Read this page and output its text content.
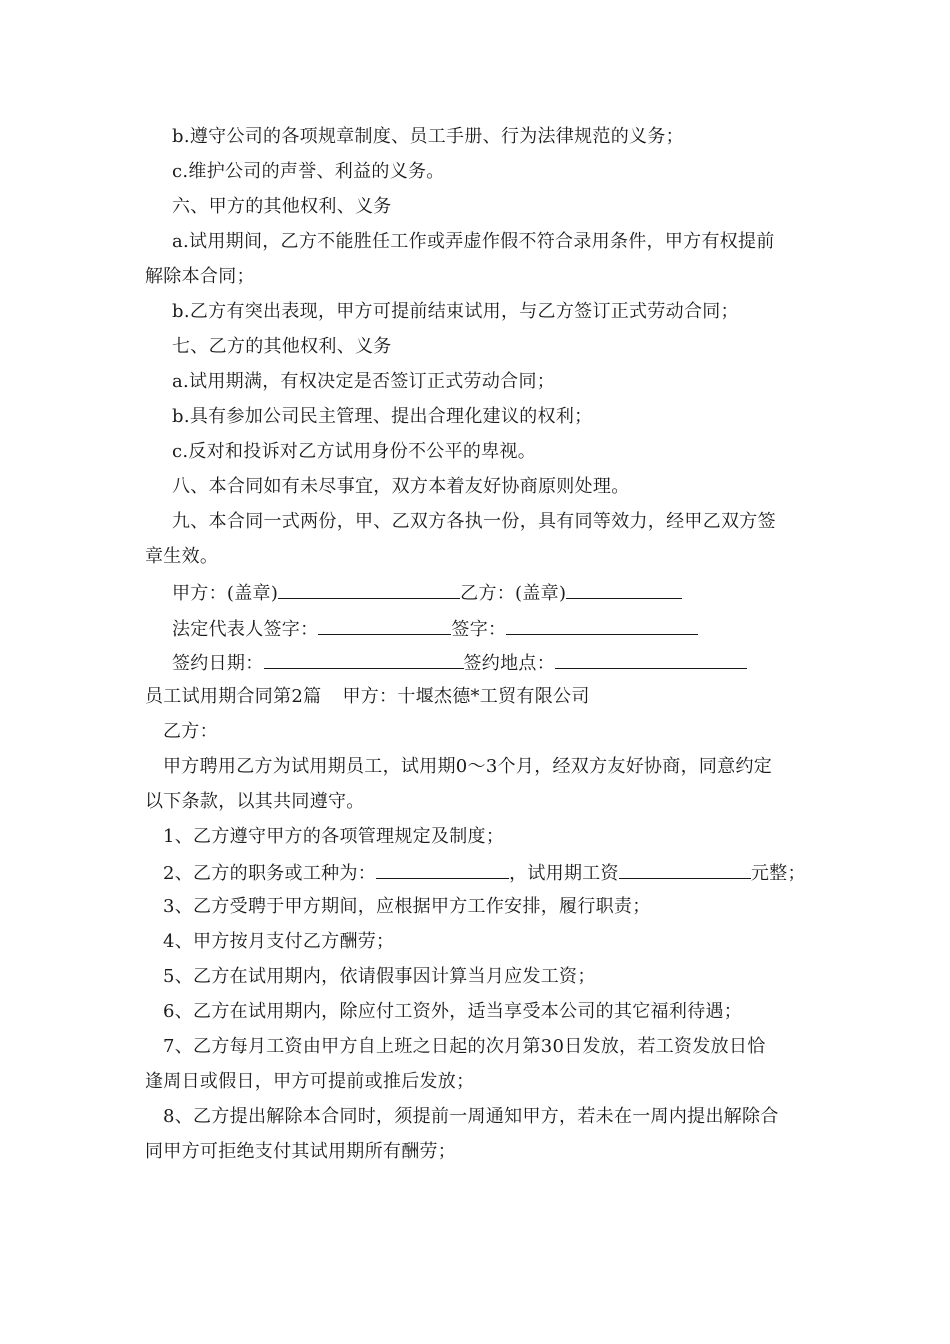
b.遵守公司的各项规章制度、员工手册、行为法律规范的义务；
c.维护公司的声誉、利益的义务。
六、甲方的其他权利、义务
a.试用期间，乙方不能胜任工作或弄虚作假不符合录用条件，甲方有权提前
解除本合同；
b.乙方有突出表现，甲方可提前结束试用，与乙方签订正式劳动合同；
七、乙方的其他权利、义务
a.试用期满，有权决定是否签订正式劳动合同；
b.具有参加公司民主管理、提出合理化建议的权利；
c.反对和投诉对乙方试用身份不公平的卑视。
八、本合同如有未尽事宜，双方本着友好协商原则处理。
九、本合同一式两份，甲、乙双方各执一份，具有同等效力，经甲乙双方签
章生效。
甲方：(盖章)	乙方：(盖章)
法定代表人签字：	签字：
签约日期：	签约地点：
员工试用期合同第2篇 甲方：十堰杰德*工贸有限公司
乙方：
甲方聘用乙方为试用期员工，试用期0～3个月，经双方友好协商，同意约定
以下条款，以其共同遵守。
1、乙方遵守甲方的各项管理规定及制度；
2、乙方的职务或工种为：	，试用期工资	元整；
3、乙方受聘于甲方期间，应根据甲方工作安排，履行职责；
4、甲方按月支付乙方酬劳；
5、乙方在试用期内，依请假事因计算当月应发工资；
6、乙方在试用期内，除应付工资外，适当享受本公司的其它福利待遇；
7、乙方每月工资由甲方自上班之日起的次月第30日发放，若工资发放日恰
逢周日或假日，甲方可提前或推后发放；
8、乙方提出解除本合同时，须提前一周通知甲方，若未在一周内提出解除合
同甲方可拒绝支付其试用期所有酬劳；
